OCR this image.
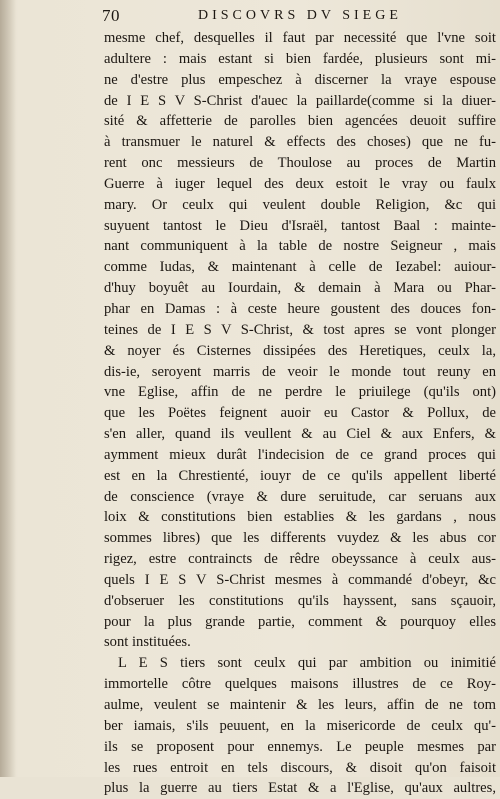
70	DISCOVRS DV SIEGE
mesme chef, desquelles il faut par necessité que l'vne soit
adultere : mais estant si bien fardée, plusieurs sont mi-
ne d'estre plus empeschez à discerner la vraye espouse
de I E S V S-Christ d'auec la paillarde(comme si la diuer-
sité & affetterie de parolles bien agencées deuoit suffire
à transmuer le naturel & effects des choses) que ne fu-
rent onc messieurs de Thoulose au proces de Martin
Guerre à iuger lequel des deux estoit le vray ou faulx
mary. Or ceulx qui veulent double Religion, &c qui
suyuent tantost le Dieu d'Israël, tantost Baal : mainte-
nant communiquent à la table de nostre Seigneur , mais
comme Iudas, & maintenant à celle de Iezabel: auiour-
d'huy boyuêt au Iourdain, & demain à Mara ou Phar-
phar en Damas : à ceste heure goustent des douces fon-
teines de I E S V S-Christ, & tost apres se vont plonger
& noyer és Cisternes dissipées des Heretiques, ceulx la,
dis-ie, seroyent marris de veoir le monde tout reuny en
vne Eglise, affin de ne perdre le priuilege (qu'ils ont)
que les Poëtes feignent auoir eu Castor & Pollux, de
s'en aller, quand ils veullent & au Ciel & aux Enfers, &
aymment mieux durât l'indecision de ce grand proces qui
est en la Chrestienté, iouyr de ce qu'ils appellent liberté
de conscience (vraye & dure seruitude, car seruans aux
loix & constitutions bien establies & les gardans , nous
sommes libres) que les differents vuydez & les abus cor
rigez, estre contraincts de rêdre obeyssance à ceulx aus-
quels I E S V S-Christ mesmes à commandé d'obeyr, &c
d'obseruer les constitutions qu'ils hayssent, sans sçauoir,
pour la plus grande partie, comment & pourquoy elles
sont instituées.
L E S tiers sont ceulx qui par ambition ou inimitié
immortelle côtre quelques maisons illustres de ce Roy-
aulme, veulent se maintenir & les leurs, affin de ne tom
ber iamais, s'ils peuuent, en la misericorde de ceulx qu'-
ils se proposent pour ennemys. Le peuple mesmes par
les rues entroit en tels discours, & disoit qu'on faisoit
plus la guerre au tiers Estat & a l'Eglise, qu'aux aultres,
